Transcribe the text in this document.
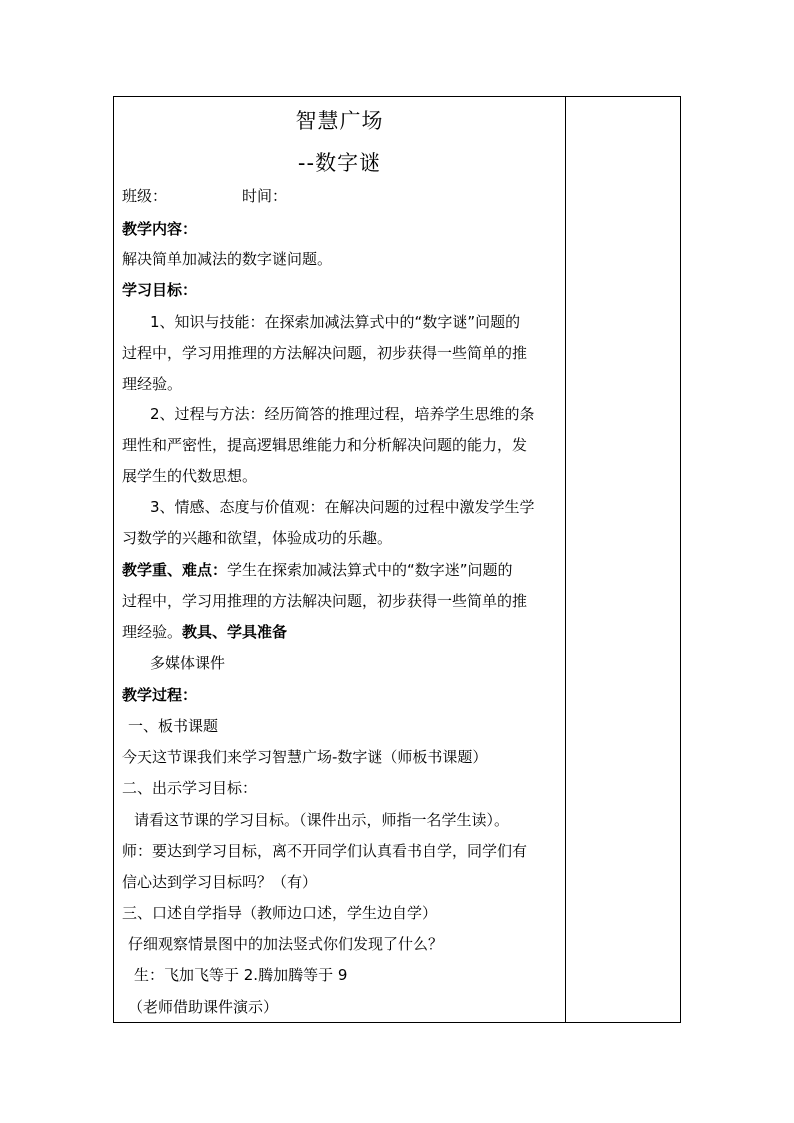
智慧广场
--数字谜
班级：	时间：
教学内容：
解决简单加减法的数字谜问题。
学习目标：
1、知识与技能：在探索加减法算式中的“数字谜”问题的
过程中，学习用推理的方法解决问题，初步获得一些简单的推
理经验。
2、过程与方法：经历简答的推理过程，培养学生思维的条
理性和严密性，提高逻辑思维能力和分析解决问题的能力，发
展学生的代数思想。
3、情感、态度与价值观：在解决问题的过程中激发学生学
习数学的兴趣和欲望，体验成功的乐趣。
教学重、难点：学生在探索加减法算式中的“数字迷”问题的
过程中，学习用推理的方法解决问题，初步获得一些简单的推
理经验。教具、学具准备
多媒体课件
教学过程：
一、板书课题
今天这节课我们来学习智慧广场-数字谜（师板书课题）
二、出示学习目标：
请看这节课的学习目标。（课件出示，师指一名学生读）。
师：要达到学习目标，离不开同学们认真看书自学，同学们有
信心达到学习目标吗？（有）
三、口述自学指导（教师边口述，学生边自学）
仔细观察情景图中的加法竖式你们发现了什么？
生：飞加飞等于 2.腾加腾等于 9
（老师借助课件演示）
